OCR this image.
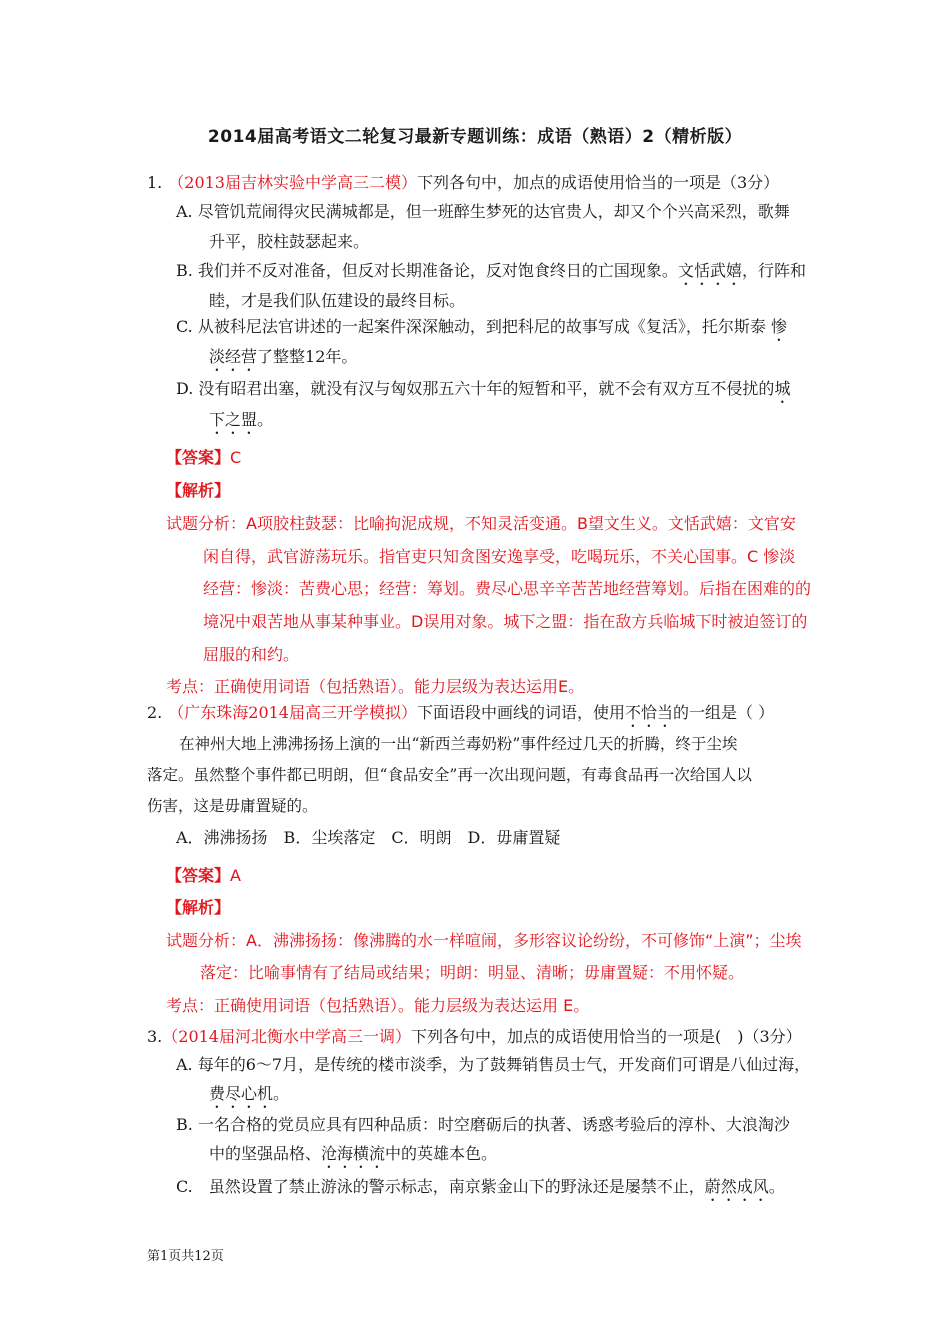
2014届高考语文二轮复习最新专题训练：成语（熟语）2（精析版）
1. （2013届吉林实验中学高三二模）下列各句中，加点的成语使用恰当的一项是（3分）
A. 尽管饥荒闹得灾民满城都是，但一班醉生梦死的达官贵人，却又个个兴高采烈，歌舞
升平，胶柱鼓瑟起来。
B. 我们并不反对准备，但反对长期准备论，反对饱食终日的亡国现象。文恬武嬉，行阵和
睦，才是我们队伍建设的最终目标。
C. 从被科尼法官讲述的一起案件深深触动，到把科尼的故事写成《复活》，托尔斯泰 惨
淡经营了整整12年。
D. 没有昭君出塞，就没有汉与匈奴那五六十年的短暂和平，就不会有双方互不侵扰的城
下之盟。
【答案】C
【解析】
试题分析：A项胶柱鼓瑟：比喻拘泥成规，不知灵活变通。B望文生义。文恬武嬉：文官安
闲自得，武官游荡玩乐。指官吏只知贪图安逸享受，吃喝玩乐，不关心国事。C 惨淡
经营：惨淡：苦费心思；经营：筹划。费尽心思辛辛苦苦地经营筹划。后指在困难的的
境况中艰苦地从事某种事业。D误用对象。城下之盟：指在敌方兵临城下时被迫签订的
屈服的和约。
考点：正确使用词语（包括熟语）。能力层级为表达运用E。
2. （广东珠海2014届高三开学模拟）下面语段中画线的词语，使用不恰当的一组是（ ）
在神州大地上沸沸扬扬上演的一出“新西兰毒奶粉”事件经过几天的折腾，终于尘埃
落定。虽然整个事件都已明朗，但“食品安全”再一次出现问题，有毒食品再一次给国人以
伤害，这是毋庸置疑的。
A．沸沸扬扬　B．尘埃落定　C．明朗　D．毋庸置疑
【答案】A
【解析】
试题分析：A．沸沸扬扬：像沸腾的水一样喧闹，多形容议论纷纷，不可修饰“上演”；尘埃
落定：比喻事情有了结局或结果；明朗：明显、清晰；毋庸置疑：不用怀疑。
考点：正确使用词语（包括熟语）。能力层级为表达运用 E。
3.（2014届河北衡水中学高三一调）下列各句中，加点的成语使用恰当的一项是(　)（3分）
A. 每年的6～7月，是传统的楼市淡季，为了鼓舞销售员士气，开发商们可谓是八仙过海，
费尽心机。
B. 一名合格的党员应具有四种品质：时空磨砺后的执著、诱惑考验后的淳朴、大浪淘沙
中的坚强品格、沧海横流中的英雄本色。
C.　虽然设置了禁止游泳的警示标志，南京紫金山下的野泳还是屡禁不止，蔚然成风。
第1页共12页
